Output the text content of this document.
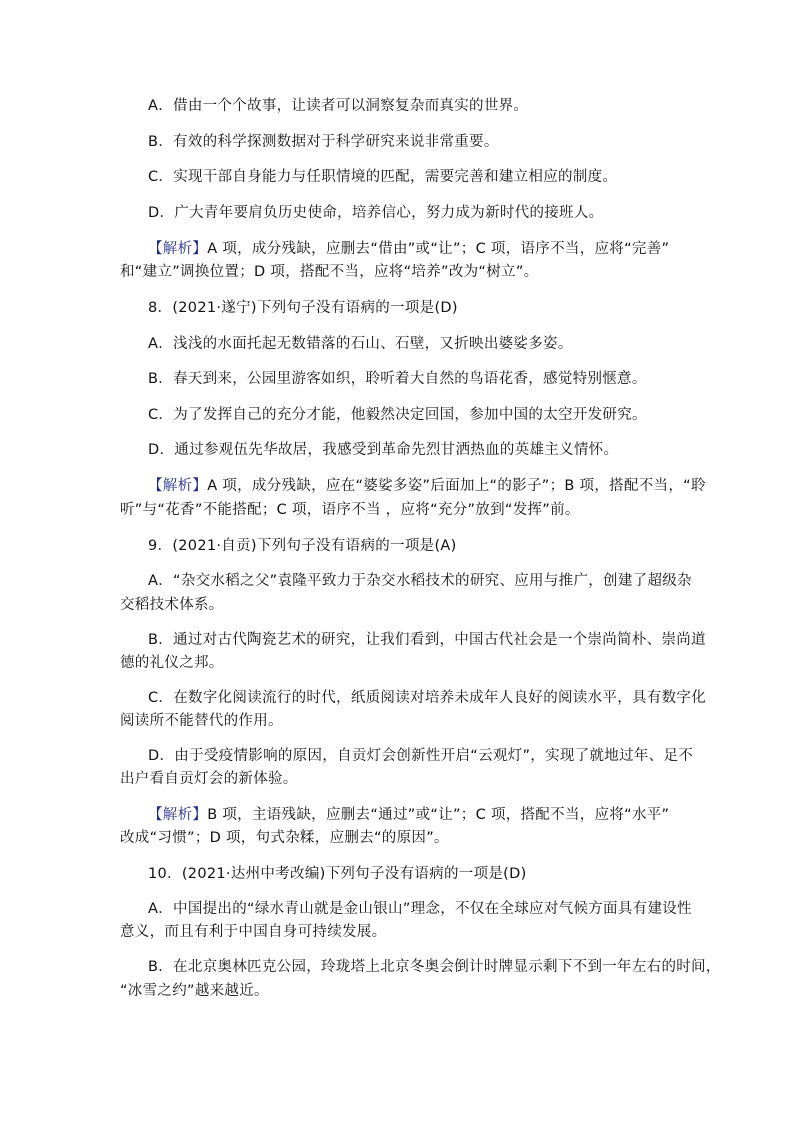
A．借由一个个故事，让读者可以洞察复杂而真实的世界。
B．有效的科学探测数据对于科学研究来说非常重要。
C．实现干部自身能力与任职情境的匹配，需要完善和建立相应的制度。
D．广大青年要肩负历史使命，培养信心，努力成为新时代的接班人。
【解析】A 项，成分残缺，应删去“借由”或“让”；C 项，语序不当，应将“完善”
和“建立”调换位置；D 项，搭配不当，应将“培养”改为“树立”。
8．(2021·遂宁)下列句子没有语病的一项是(D)
A．浅浅的水面托起无数错落的石山、石壁，又折映出婆娑多姿。
B．春天到来，公园里游客如织，聆听着大自然的鸟语花香，感觉特别惬意。
C．为了发挥自己的充分才能，他毅然决定回国，参加中国的太空开发研究。
D．通过参观伍先华故居，我感受到革命先烈甘洒热血的英雄主义情怀。
【解析】A 项，成分残缺，应在“婆娑多姿”后面加上“的影子”；B 项，搭配不当，“聆
听”与“花香”不能搭配；C 项，语序不当 ，应将“充分”放到“发挥”前。
9．(2021·自贡)下列句子没有语病的一项是(A)
A．“杂交水稻之父”袁隆平致力于杂交水稻技术的研究、应用与推广，创建了超级杂
交稻技术体系。
B．通过对古代陶瓷艺术的研究，让我们看到，中国古代社会是一个崇尚简朴、崇尚道
德的礼仪之邦。
C．在数字化阅读流行的时代，纸质阅读对培养未成年人良好的阅读水平，具有数字化
阅读所不能替代的作用。
D．由于受疫情影响的原因，自贡灯会创新性开启“云观灯”，实现了就地过年、足不
出户看自贡灯会的新体验。
【解析】B 项，主语残缺，应删去“通过”或“让”；C 项，搭配不当，应将“水平”
改成“习惯”；D 项，句式杂糅，应删去“的原因”。
10．(2021·达州中考改编)下列句子没有语病的一项是(D)
A．中国提出的“绿水青山就是金山银山”理念，不仅在全球应对气候方面具有建设性
意义，而且有利于中国自身可持续发展。
B．在北京奥林匹克公园，玲珑塔上北京冬奥会倒计时牌显示剩下不到一年左右的时间，
“冰雪之约”越来越近。
